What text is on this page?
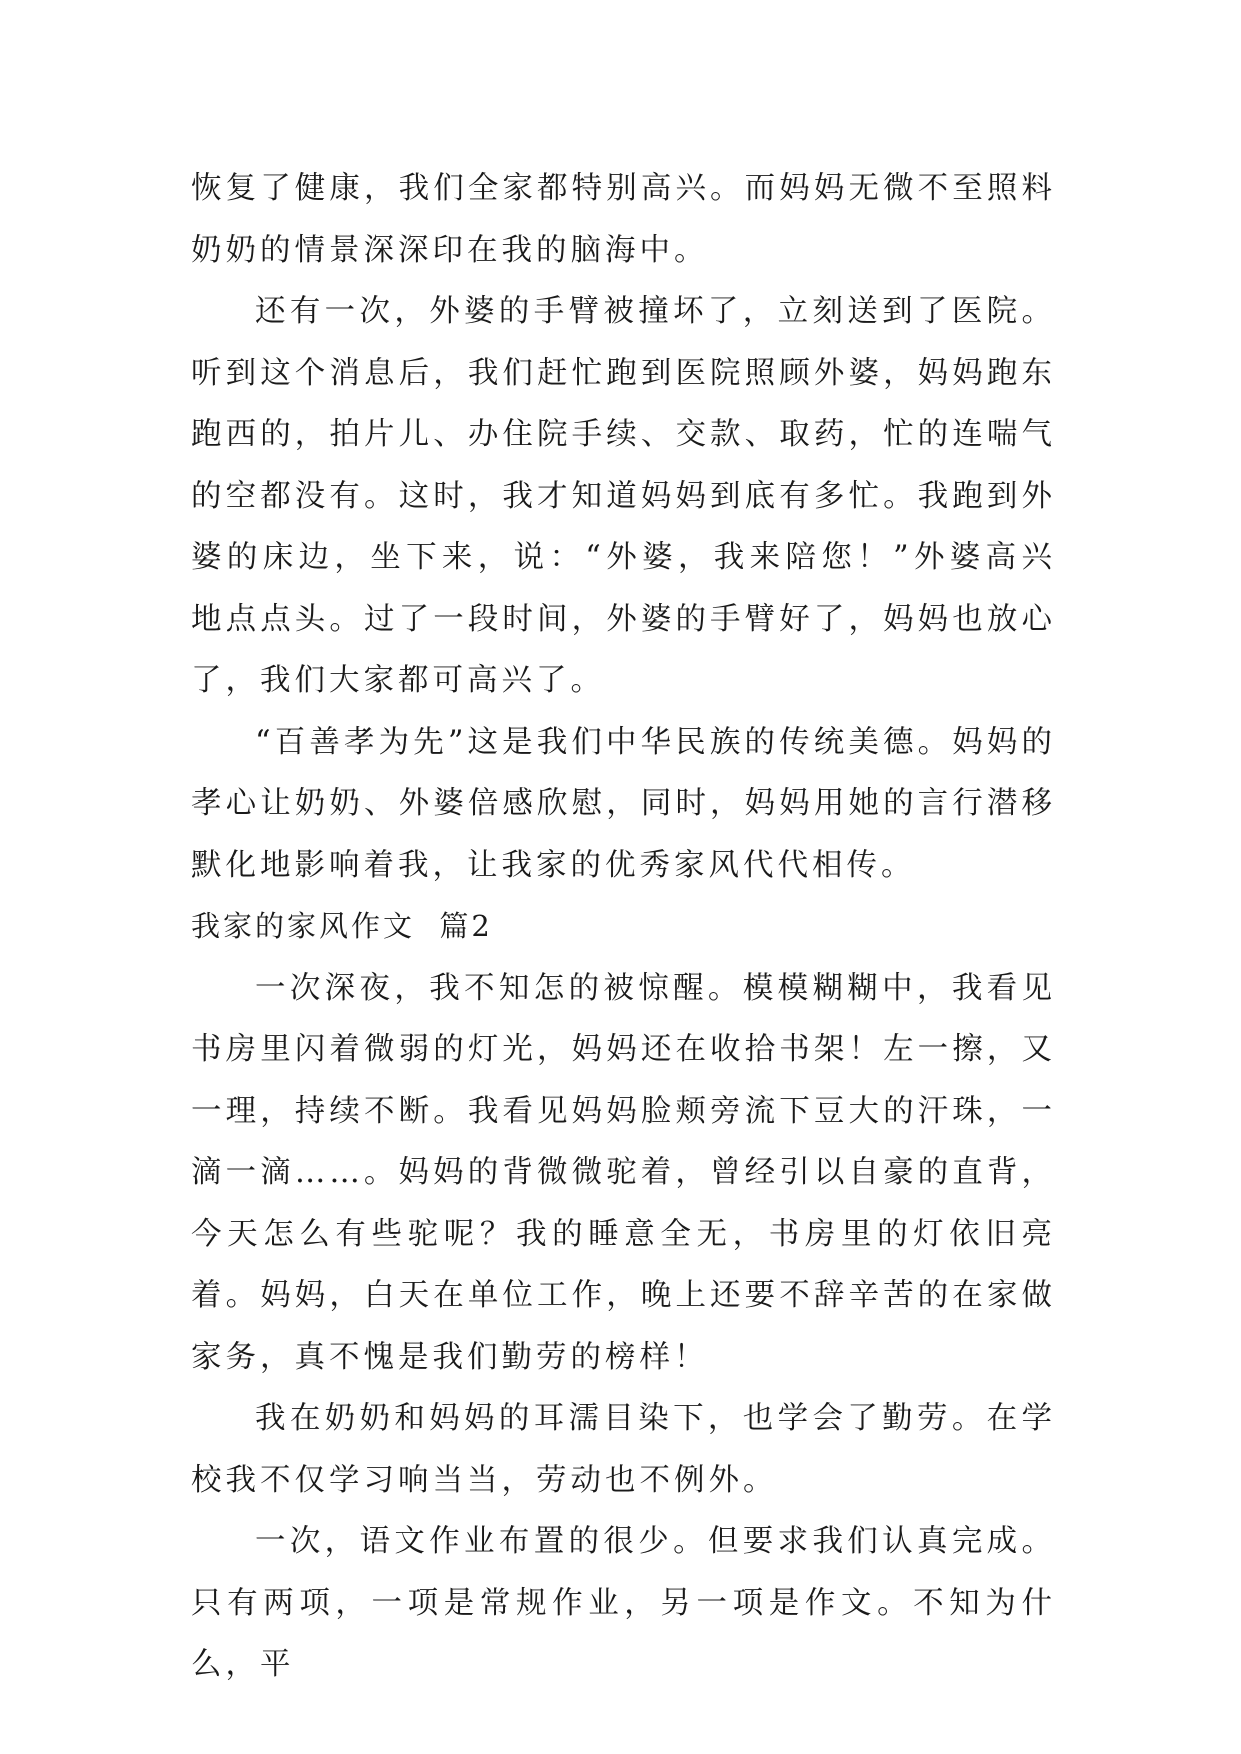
恢复了健康，我们全家都特别高兴。而妈妈无微不至照料奶奶的情景深深印在我的脑海中。

还有一次，外婆的手臂被撞坏了，立刻送到了医院。听到这个消息后，我们赶忙跑到医院照顾外婆，妈妈跑东跑西的，拍片儿、办住院手续、交款、取药，忙的连喘气的空都没有。这时，我才知道妈妈到底有多忙。我跑到外婆的床边，坐下来，说：“外婆，我来陪您！”外婆高兴地点点头。过了一段时间，外婆的手臂好了，妈妈也放心了，我们大家都可高兴了。

“百善孝为先”这是我们中华民族的传统美德。妈妈的孝心让奶奶、外婆倍感欣慰，同时，妈妈用她的言行潜移默化地影响着我，让我家的优秀家风代代相传。

我家的家风作文  篇2

一次深夜，我不知怎的被惊醒。模模糊糊中，我看见书房里闪着微弱的灯光，妈妈还在收拾书架！左一擦，又一理，持续不断。我看见妈妈脸颊旁流下豆大的汗珠，一滴一滴……。妈妈的背微微驼着，曾经引以自豪的直背，今天怎么有些驼呢？我的睡意全无，书房里的灯依旧亮着。妈妈，白天在单位工作，晚上还要不辞辛苦的在家做家务，真不愧是我们勤劳的榜样！

我在奶奶和妈妈的耳濡目染下，也学会了勤劳。在学校我不仅学习响当当，劳动也不例外。

一次，语文作业布置的很少。但要求我们认真完成。只有两项，一项是常规作业，另一项是作文。不知为什么，平
